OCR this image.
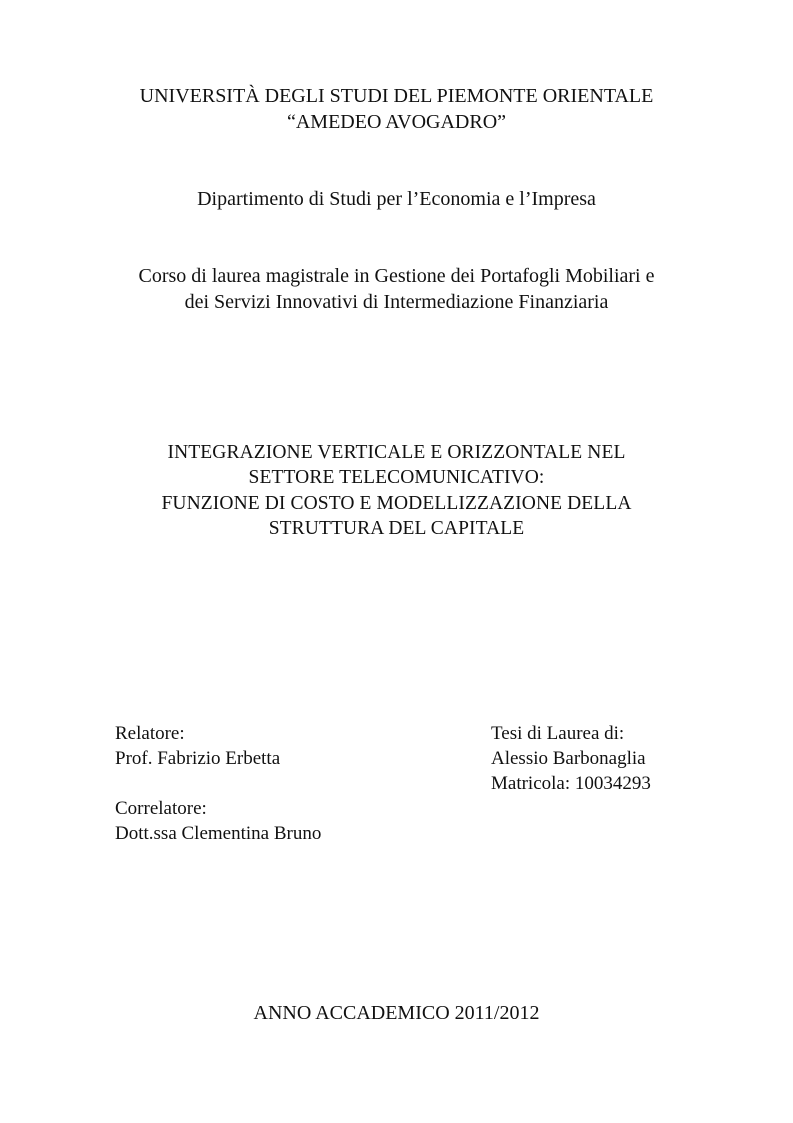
UNIVERSITÀ DEGLI STUDI DEL PIEMONTE ORIENTALE
“AMEDEO AVOGADRO”
Dipartimento di Studi per l’Economia e l’Impresa
Corso di laurea magistrale in Gestione dei Portafogli Mobiliari e
dei Servizi Innovativi di Intermediazione Finanziaria
INTEGRAZIONE VERTICALE E ORIZZONTALE NEL
SETTORE TELECOMUNICATIVO:
FUNZIONE DI COSTO E MODELLIZZAZIONE DELLA
STRUTTURA DEL CAPITALE
Relatore:
Prof. Fabrizio Erbetta
Correlatore:
Dott.ssa Clementina Bruno
Tesi di Laurea di:
Alessio Barbonaglia
Matricola: 10034293
ANNO ACCADEMICO 2011/2012
